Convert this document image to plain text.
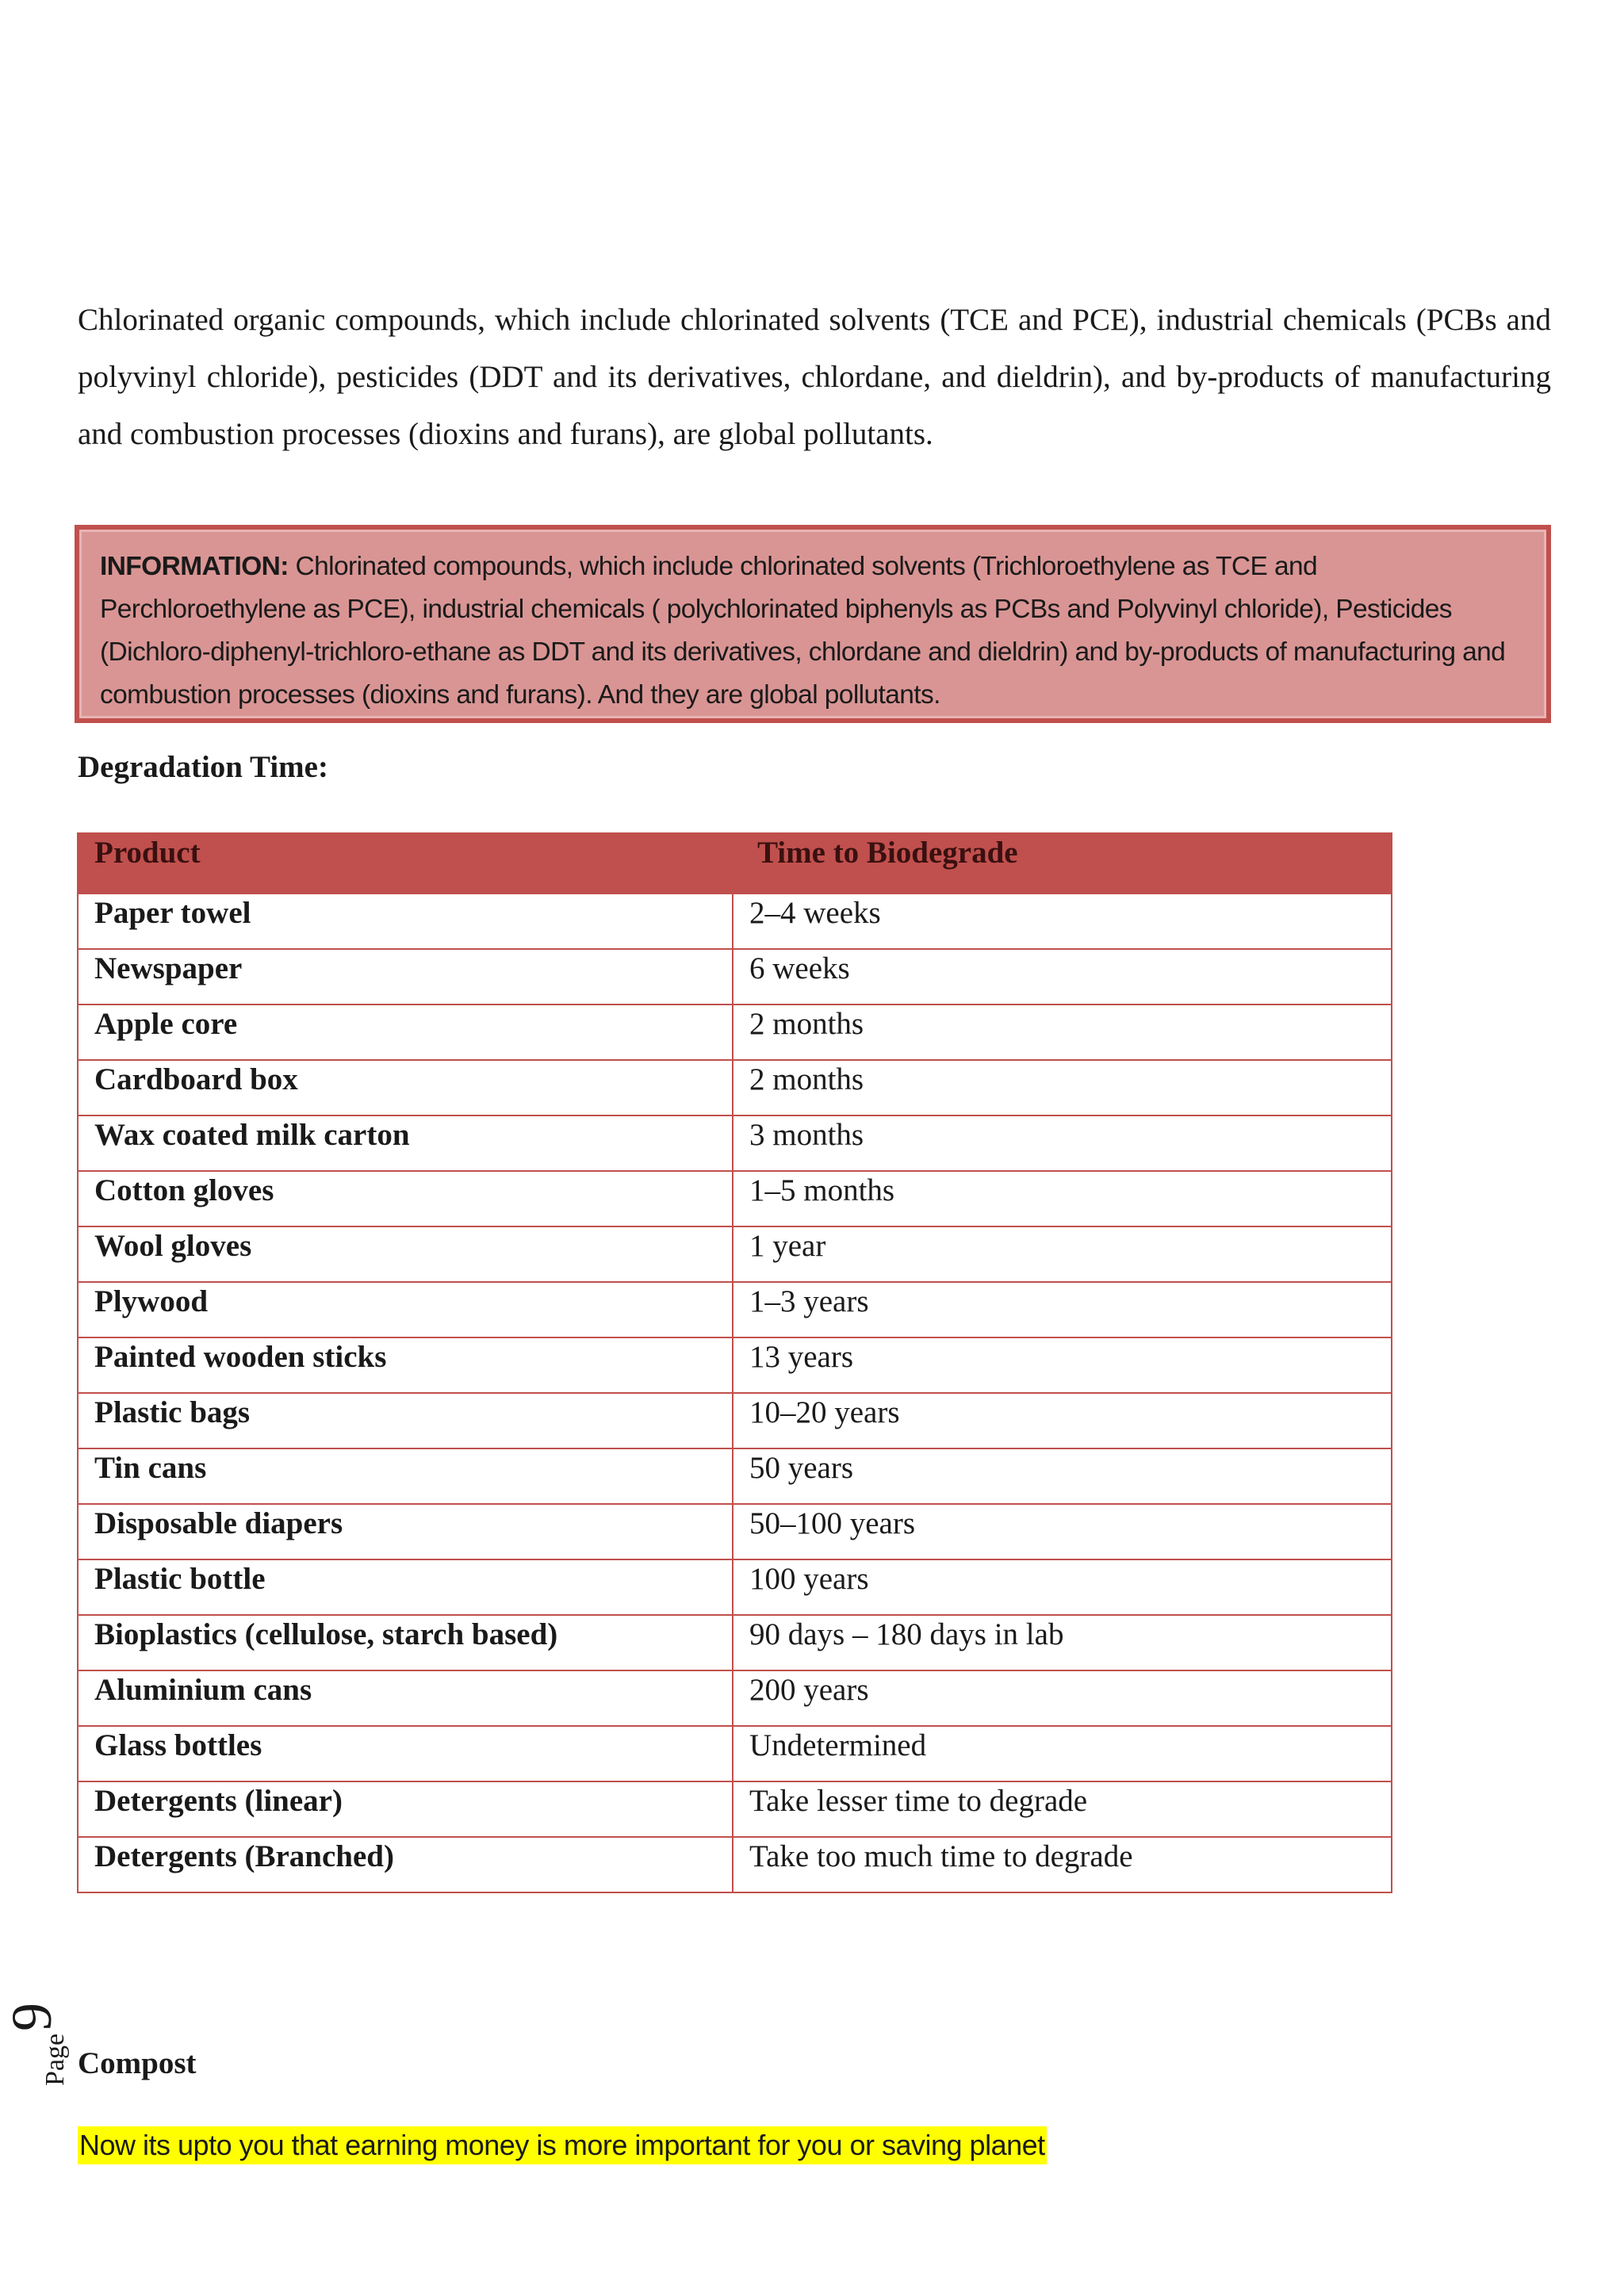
Chlorinated organic compounds, which include chlorinated solvents (TCE and PCE), industrial chemicals (PCBs and polyvinyl chloride), pesticides (DDT and its derivatives, chlordane, and dieldrin), and by-products of manufacturing and combustion processes (dioxins and furans), are global pollutants.

INFORMATION: Chlorinated compounds, which include chlorinated solvents (Trichloroethylene as TCE and Perchloroethylene as PCE), industrial chemicals ( polychlorinated biphenyls as PCBs and Polyvinyl chloride), Pesticides (Dichloro-diphenyl-trichloro-ethane as DDT and its derivatives, chlordane and dieldrin) and by-products of manufacturing and combustion processes (dioxins and furans). And they are global pollutants.
Degradation Time:
Product	Time to Biodegrade
Paper towel	2–4 weeks
Newspaper	6 weeks
Apple core	2 months
Cardboard box	2 months
Wax coated milk carton	3 months
Cotton gloves	1–5 months
Wool gloves	1 year
Plywood	1–3 years
Painted wooden sticks	13 years
Plastic bags	10–20 years
Tin cans	50 years
Disposable diapers	50–100 years
Plastic bottle	100 years
Bioplastics (cellulose, starch based)	90 days – 180 days in lab
Aluminium cans	200 years
Glass bottles	Undetermined
Detergents (linear)	Take lesser time to degrade
Detergents (Branched)	Take too much time to degrade
Compost
Page
9
Now its upto you that earning money is more important for you or saving planet
